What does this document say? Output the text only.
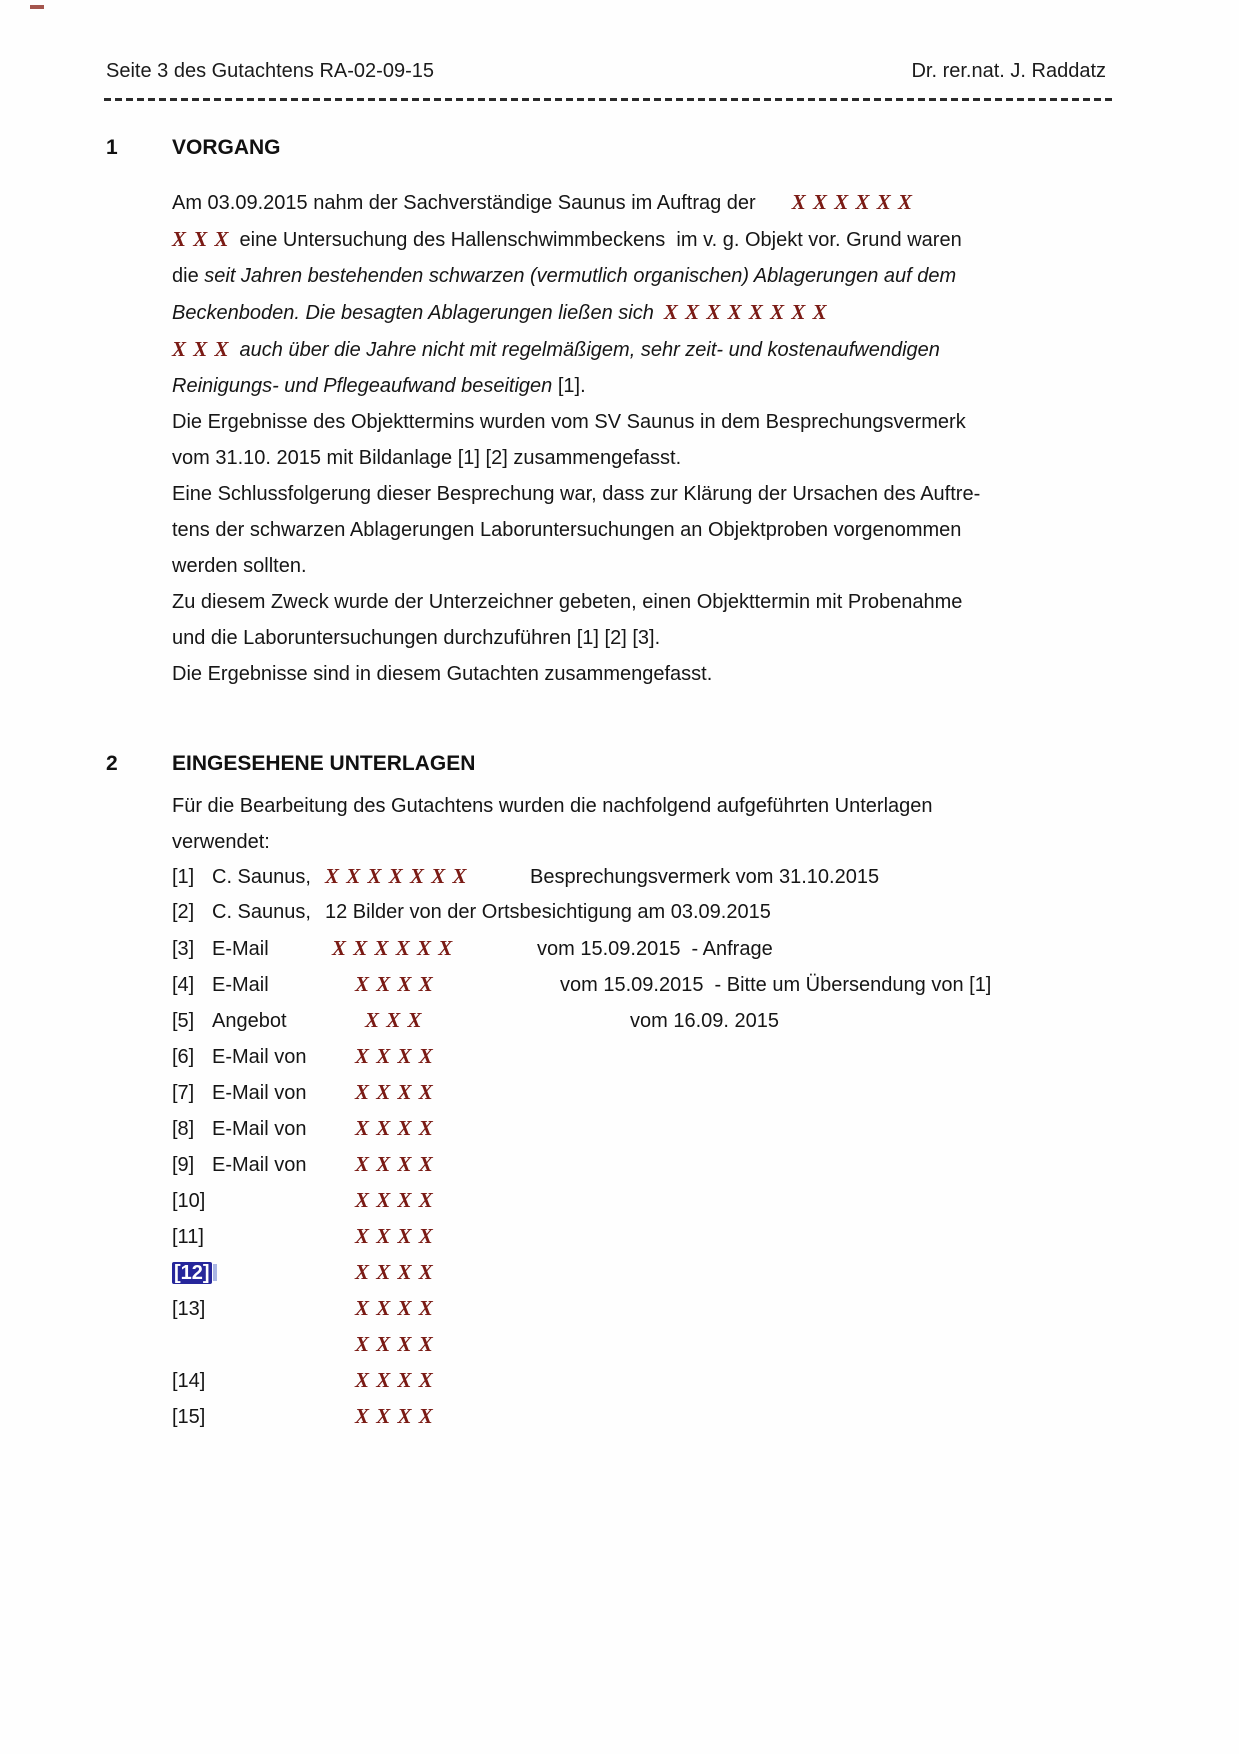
Seite 3 des Gutachtens RA-02-09-15	Dr. rer.nat. J. Raddatz
1	VORGANG
Am 03.09.2015 nahm der Sachverständige Saunus im Auftrag der X X X X X X
X X X eine Untersuchung des Hallenschwimmbeckens  im v. g. Objekt vor. Grund waren
die seit Jahren bestehenden schwarzen (vermutlich organischen) Ablagerungen auf dem
Beckenboden. Die besagten Ablagerungen ließen sich X X X X X X X X
X X X auch über die Jahre nicht mit regelmäßigem, sehr zeit- und kostenaufwendigen
Reinigungs- und Pflegeaufwand beseitigen [1].
Die Ergebnisse des Objekttermins wurden vom SV Saunus in dem Besprechungsvermerk
vom 31.10. 2015 mit Bildanlage [1] [2] zusammengefasst.
Eine Schlussfolgerung dieser Besprechung war, dass zur Klärung der Ursachen des Auftre-
tens der schwarzen Ablagerungen Laboruntersuchungen an Objektproben vorgenommen
werden sollten.
Zu diesem Zweck wurde der Unterzeichner gebeten, einen Objekttermin mit Probenahme
und die Laboruntersuchungen durchzuführen [1] [2] [3].
Die Ergebnisse sind in diesem Gutachten zusammengefasst.
2	EINGESEHENE UNTERLAGEN
Für die Bearbeitung des Gutachtens wurden die nachfolgend aufgeführten Unterlagen
verwendet:
[1] C. Saunus, X X X X X X X	Besprechungsvermerk vom 31.10.2015
[2] C. Saunus, 12 Bilder von der Ortsbesichtigung am 03.09.2015
[3] E-Mail	X X X X X X	vom 15.09.2015  - Anfrage
[4] E-Mail	X X X X	vom 15.09.2015  - Bitte um Übersendung von [1]
[5] Angebot	X X X	vom 16.09. 2015
[6] E-Mail von	X X X X
[7] E-Mail von	X X X X
[8] E-Mail von	X X X X
[9] E-Mail von	X X X X
[10]	X X X X
[11]	X X X X
[12]	X X X X
[13]	X X X X
X X X X
[14]	X X X X
[15]	X X X X
